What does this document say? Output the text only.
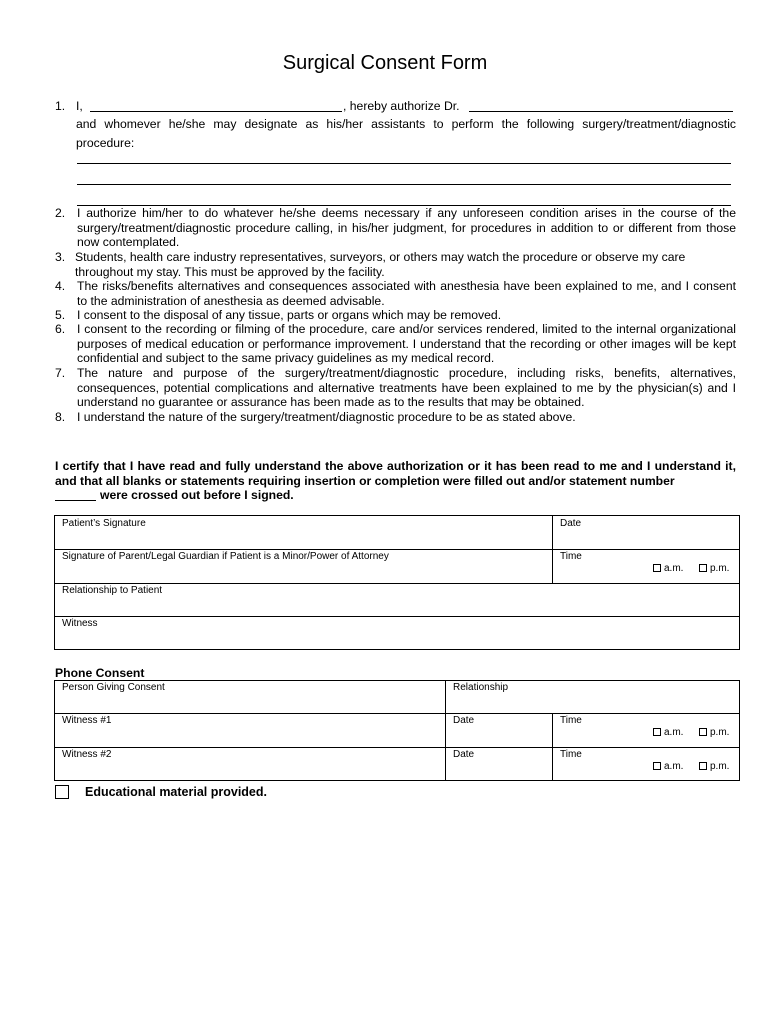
Surgical Consent Form
1. I,	, hereby authorize Dr.
and whomever he/she may designate as his/her assistants to perform the following surgery/treatment/diagnostic procedure:
2. I authorize him/her to do whatever he/she deems necessary if any unforeseen condition arises in the course of the surgery/treatment/diagnostic procedure calling, in his/her judgment, for procedures in addition to or different from those now contemplated.
3. Students, health care industry representatives, surveyors, or others may watch the procedure or observe my care throughout my stay. This must be approved by the facility.
4. The risks/benefits alternatives and consequences associated with anesthesia have been explained to me, and I consent to the administration of anesthesia as deemed advisable.
5. I consent to the disposal of any tissue, parts or organs which may be removed.
6. I consent to the recording or filming of the procedure, care and/or services rendered, limited to the internal organizational purposes of medical education or performance improvement. I understand that the recording or other images will be kept confidential and subject to the same privacy guidelines as my medical record.
7. The nature and purpose of the surgery/treatment/diagnostic procedure, including risks, benefits, alternatives, consequences, potential complications and alternative treatments have been explained to me by the physician(s) and I understand no guarantee or assurance has been made as to the results that may be obtained.
8. I understand the nature of the surgery/treatment/diagnostic procedure to be as stated above.
I certify that I have read and fully understand the above authorization or it has been read to me and I understand it, and that all blanks or statements requiring insertion or completion were filled out and/or statement number
were crossed out before I signed.
Patient’s Signature	Date
Signature of Parent/Legal Guardian if Patient is a Minor/Power of Attorney	Time
a.m.	p.m.
Relationship to Patient
Witness
Phone Consent
Person Giving Consent	Relationship
Witness #1	Date	Time
a.m.	p.m.
Witness #2	Date	Time
a.m.	p.m.
Educational material provided.
